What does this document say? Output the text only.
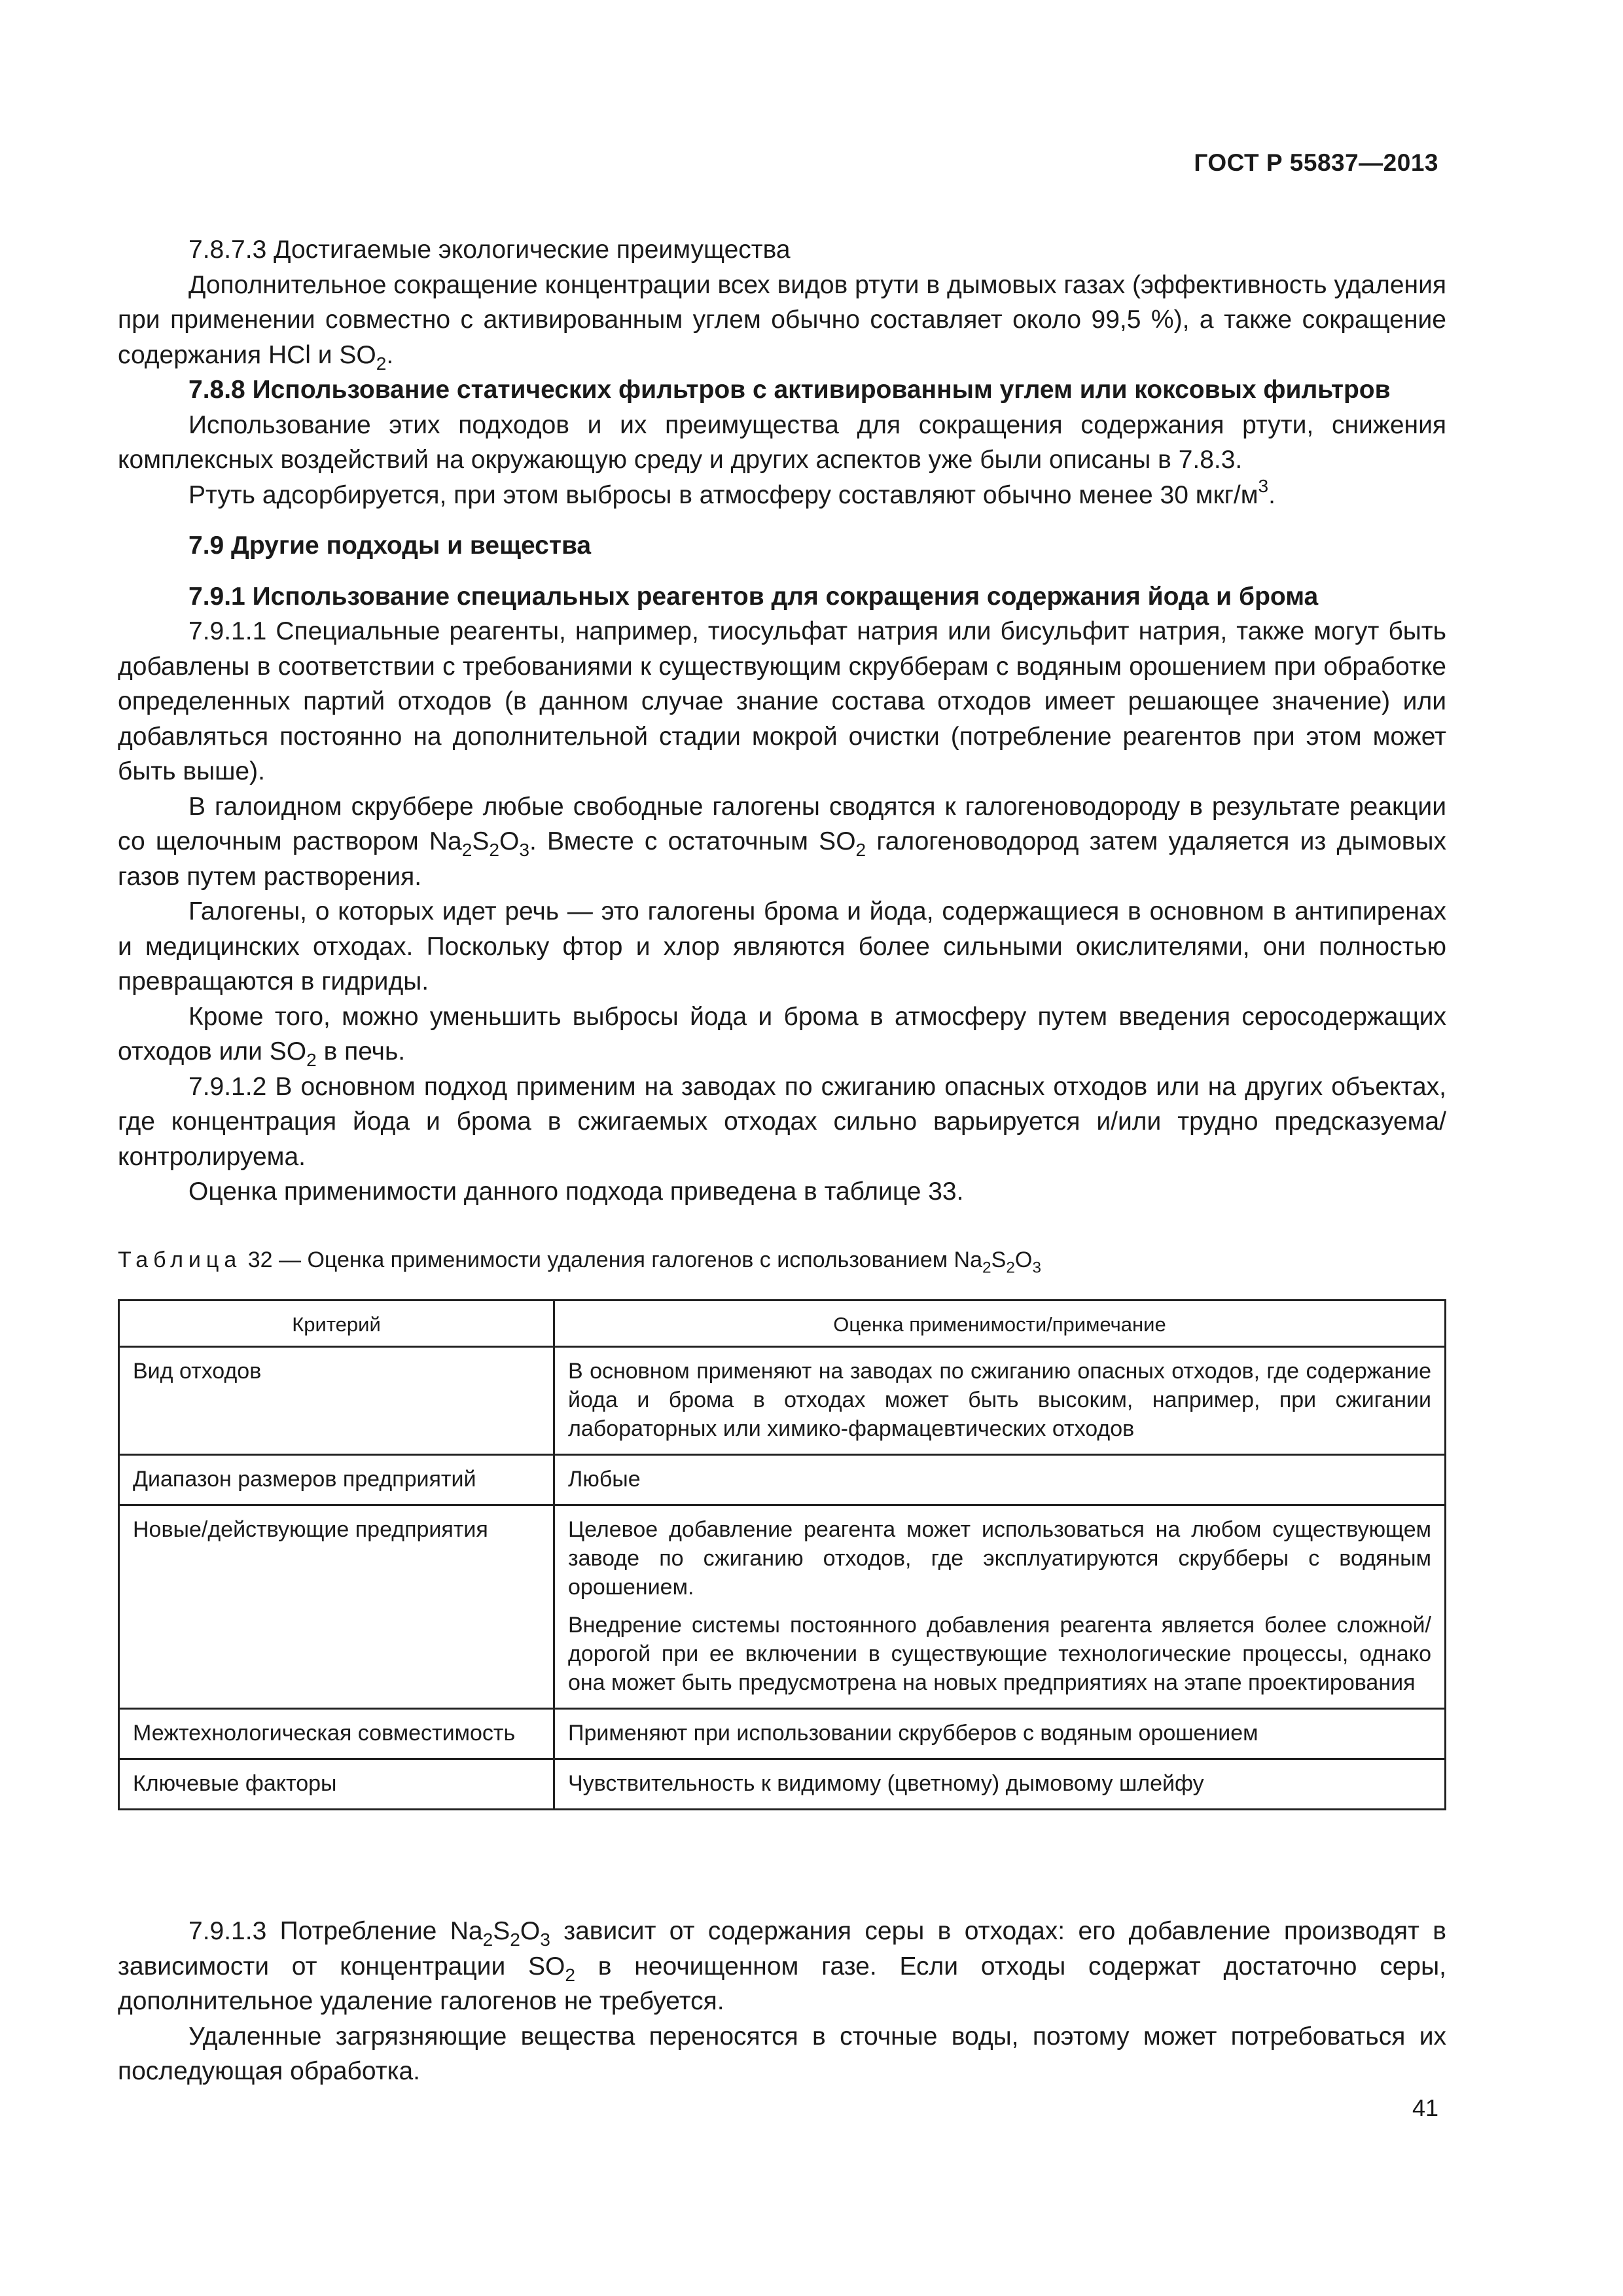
ГОСТ Р 55837—2013

7.8.7.3 Достигаемые экологические преимущества

Дополнительное сокращение концентрации всех видов ртути в дымовых газах (эффективность удаления при применении совместно с активированным углем обычно составляет около 99,5 %), а также сокращение содержания HCl и $SO_2$.

7.8.8 Использование статических фильтров с активированным углем или коксовых фильтров

Использование этих подходов и их преимущества для сокращения содержания ртути, снижения комплексных воздействий на окружающую среду и других аспектов уже были описаны в 7.8.3.

Ртуть адсорбируется, при этом выбросы в атмосферу составляют обычно менее 30 мкг/$м^3$.

7.9 Другие подходы и вещества

7.9.1 Использование специальных реагентов для сокращения содержания йода и брома

7.9.1.1 Специальные реагенты, например, тиосульфат натрия или бисульфит натрия, также могут быть добавлены в соответствии с требованиями к существующим скрубберам с водяным орошением при обработке определенных партий отходов (в данном случае знание состава отходов имеет решающее значение) или добавляться постоянно на дополнительной стадии мокрой очистки (потребление реагентов при этом может быть выше).

В галоидном скруббере любые свободные галогены сводятся к галогеноводороду в результате реакции со щелочным раствором $Na_2S_2O_3$. Вместе с остаточным $SO_2$ галогеноводород затем удаляется из дымовых газов путем растворения.

Галогены, о которых идет речь — это галогены брома и йода, содержащиеся в основном в антипиренах и медицинских отходах. Поскольку фтор и хлор являются более сильными окислителями, они полностью превращаются в гидриды.

Кроме того, можно уменьшить выбросы йода и брома в атмосферу путем введения серосодержащих отходов или $SO_2$ в печь.

7.9.1.2 В основном подход применим на заводах по сжиганию опасных отходов или на других объектах, где концентрация йода и брома в сжигаемых отходах сильно варьируется и/или трудно предсказуема/контролируема.

Оценка применимости данного подхода приведена в таблице 33.

Таблица 32 — Оценка применимости удаления галогенов с использованием $Na_2S_2O_3$
Критерий	Оценка применимости/примечание
Вид отходов	В основном применяют на заводах по сжиганию опасных отходов, где содержание йода и брома в отходах может быть высоким, например, при сжигании лабораторных или химико-фармацевтических отходов

Диапазон размеров предприятий	Любые

Новые/действующие предприятия	Целевое добавление реагента может использоваться на любом существующем заводе по сжиганию отходов, где эксплуатируются скрубберы с водяным орошением.

Внедрение системы постоянного добавления реагента является более сложной/дорогой при ее включении в существующие технологические процессы, однако она может быть предусмотрена на новых предприятиях на этапе проектирования

Межтехнологическая совместимость	Применяют при использовании скрубберов с водяным орошением

Ключевые факторы	Чувствительность к видимому (цветному) дымовому шлейфу

7.9.1.3 Потребление $Na_2S_2O_3$ зависит от содержания серы в отходах: его добавление производят в зависимости от концентрации $SO_2$ в неочищенном газе. Если отходы содержат достаточно серы, дополнительное удаление галогенов не требуется.

Удаленные загрязняющие вещества переносятся в сточные воды, поэтому может потребоваться их последующая обработка.

41
